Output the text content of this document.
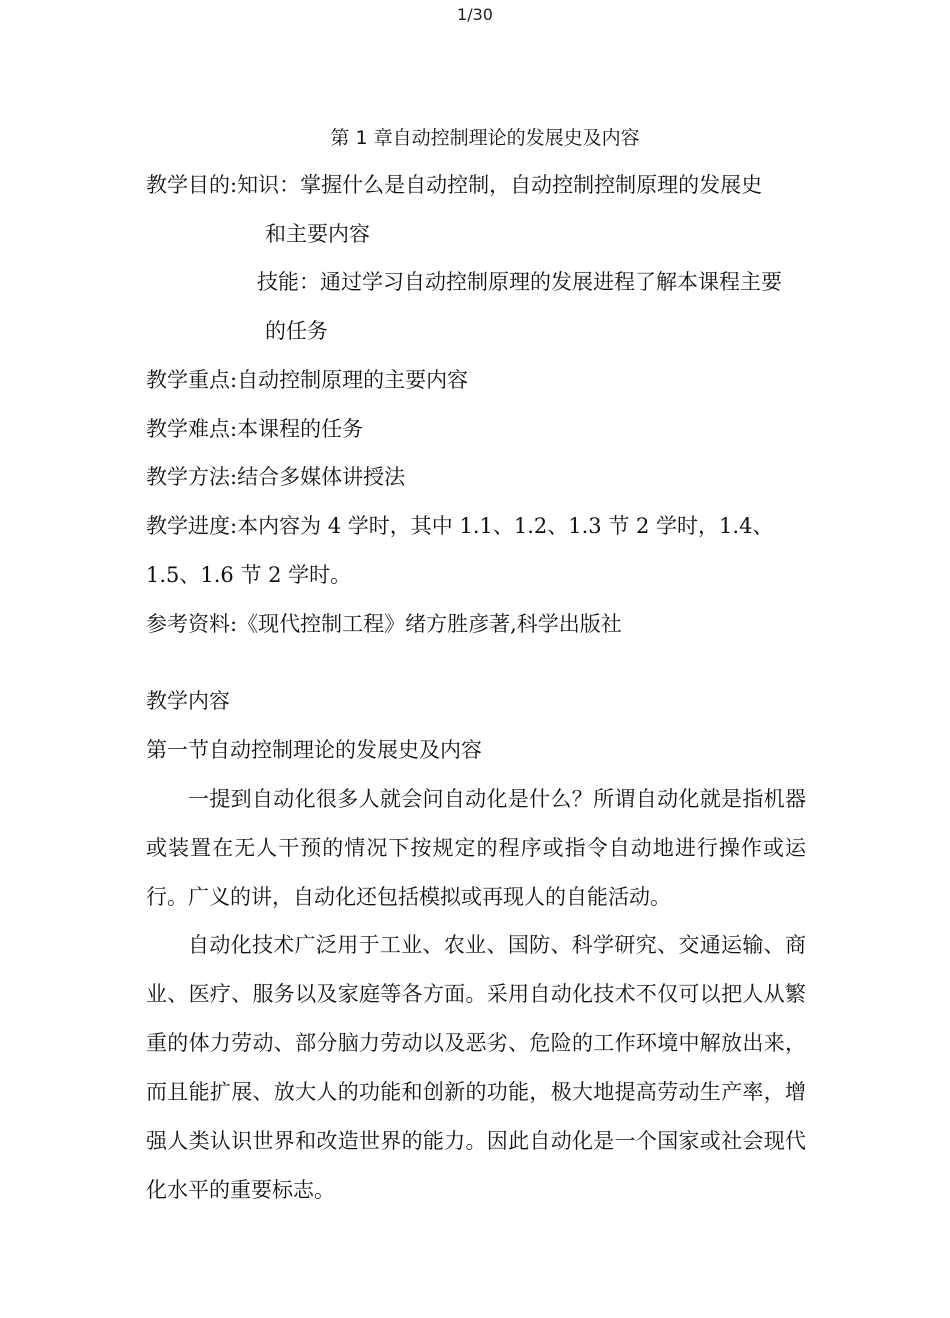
1/30
第 1 章自动控制理论的发展史及内容
教学目的:知识：掌握什么是自动控制，自动控制控制原理的发展史
和主要内容
技能：通过学习自动控制原理的发展进程了解本课程主要
的任务
教学重点:自动控制原理的主要内容
教学难点:本课程的任务
教学方法:结合多媒体讲授法
教学进度:本内容为 4 学时，其中 1.1、1.2、1.3 节 2 学时，1.4、
1.5、1.6 节 2 学时。
参考资料:《现代控制工程》绪方胜彦著,科学出版社
教学内容
第一节自动控制理论的发展史及内容
一提到自动化很多人就会问自动化是什么？所谓自动化就是指机器或装置在无人干预的情况下按规定的程序或指令自动地进行操作或运行。广义的讲，自动化还包括模拟或再现人的自能活动。
自动化技术广泛用于工业、农业、国防、科学研究、交通运输、商业、医疗、服务以及家庭等各方面。采用自动化技术不仅可以把人从繁重的体力劳动、部分脑力劳动以及恶劣、危险的工作环境中解放出来，而且能扩展、放大人的功能和创新的功能，极大地提高劳动生产率，增强人类认识世界和改造世界的能力。因此自动化是一个国家或社会现代化水平的重要标志。
